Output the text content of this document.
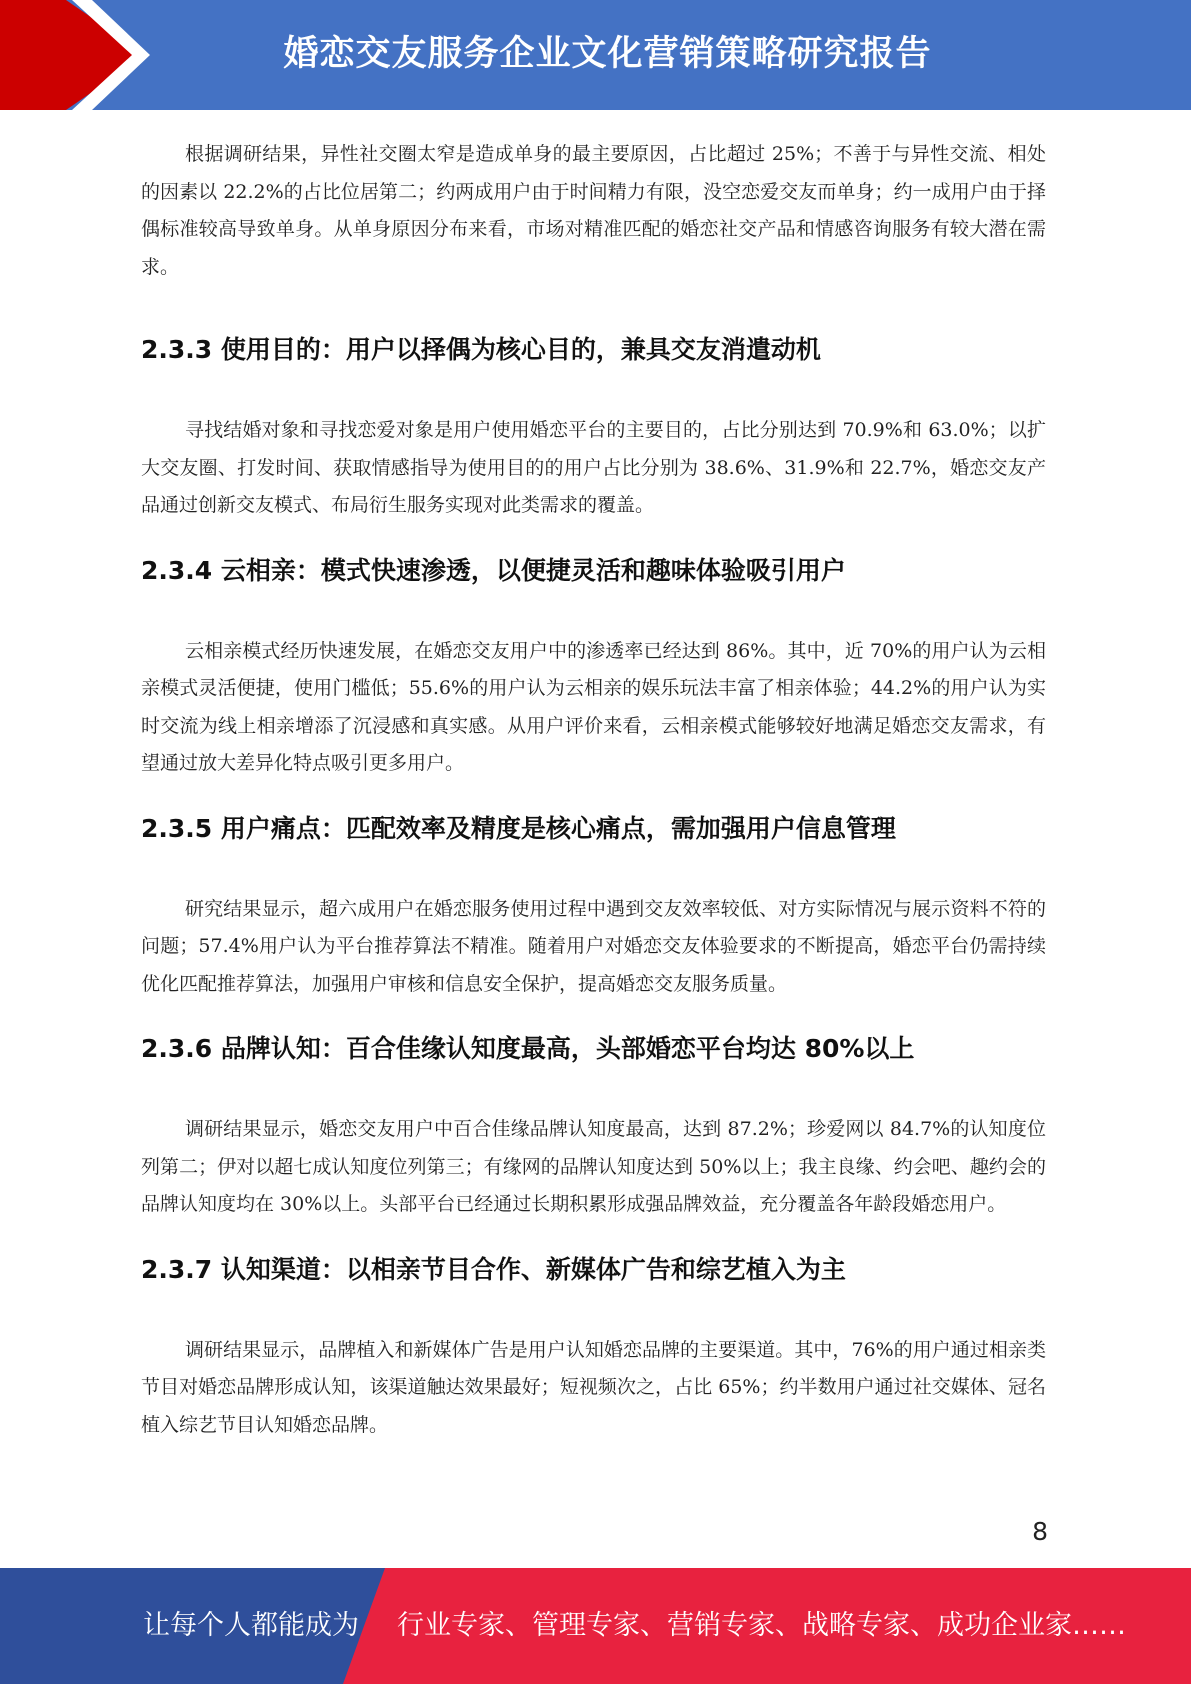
婚恋交友服务企业文化营销策略研究报告

根据调研结果，异性社交圈太窄是造成单身的最主要原因，占比超过 25%；不善于与异性交流、相处的因素以 22.2%的占比位居第二；约两成用户由于时间精力有限，没空恋爱交友而单身；约一成用户由于择偶标准较高导致单身。从单身原因分布来看，市场对精准匹配的婚恋社交产品和情感咨询服务有较大潜在需求。

2.3.3 使用目的：用户以择偶为核心目的，兼具交友消遣动机

寻找结婚对象和寻找恋爱对象是用户使用婚恋平台的主要目的，占比分别达到 70.9%和 63.0%；以扩大交友圈、打发时间、获取情感指导为使用目的的用户占比分别为 38.6%、31.9%和 22.7%，婚恋交友产品通过创新交友模式、布局衍生服务实现对此类需求的覆盖。

2.3.4 云相亲：模式快速渗透，以便捷灵活和趣味体验吸引用户

云相亲模式经历快速发展，在婚恋交友用户中的渗透率已经达到 86%。其中，近 70%的用户认为云相亲模式灵活便捷，使用门槛低；55.6%的用户认为云相亲的娱乐玩法丰富了相亲体验；44.2%的用户认为实时交流为线上相亲增添了沉浸感和真实感。从用户评价来看，云相亲模式能够较好地满足婚恋交友需求，有望通过放大差异化特点吸引更多用户。

2.3.5 用户痛点：匹配效率及精度是核心痛点，需加强用户信息管理

研究结果显示，超六成用户在婚恋服务使用过程中遇到交友效率较低、对方实际情况与展示资料不符的问题；57.4%用户认为平台推荐算法不精准。随着用户对婚恋交友体验要求的不断提高，婚恋平台仍需持续优化匹配推荐算法，加强用户审核和信息安全保护，提高婚恋交友服务质量。

2.3.6 品牌认知：百合佳缘认知度最高，头部婚恋平台均达 80%以上

调研结果显示，婚恋交友用户中百合佳缘品牌认知度最高，达到 87.2%；珍爱网以 84.7%的认知度位列第二；伊对以超七成认知度位列第三；有缘网的品牌认知度达到 50%以上；我主良缘、约会吧、趣约会的品牌认知度均在 30%以上。头部平台已经通过长期积累形成强品牌效益，充分覆盖各年龄段婚恋用户。

2.3.7 认知渠道：以相亲节目合作、新媒体广告和综艺植入为主

调研结果显示，品牌植入和新媒体广告是用户认知婚恋品牌的主要渠道。其中，76%的用户通过相亲类节目对婚恋品牌形成认知，该渠道触达效果最好；短视频次之，占比 65%；约半数用户通过社交媒体、冠名植入综艺节目认知婚恋品牌。

8
让每个人都能成为 行业专家、管理专家、营销专家、战略专家、成功企业家……
